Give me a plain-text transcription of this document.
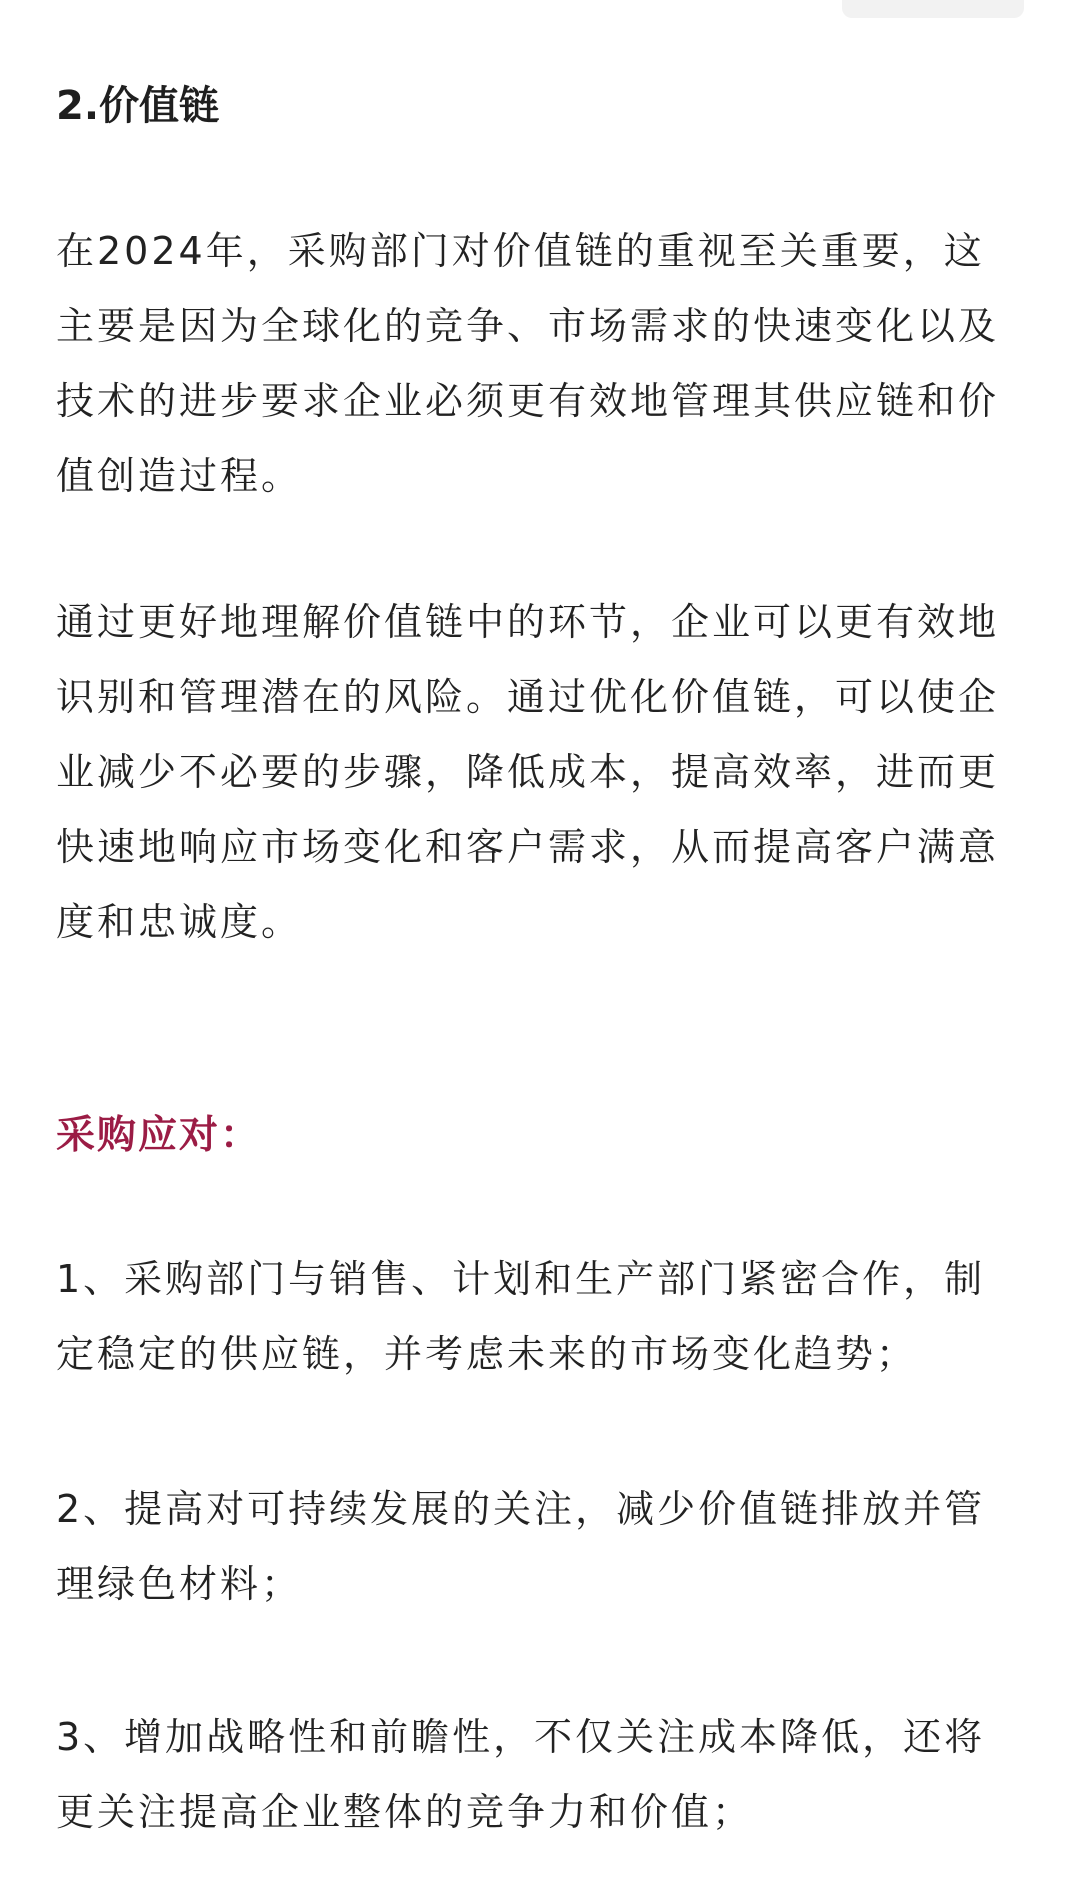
2.价值链

在2024年，采购部门对价值链的重视至关重要，这主要是因为全球化的竞争、市场需求的快速变化以及技术的进步要求企业必须更有效地管理其供应链和价值创造过程。

通过更好地理解价值链中的环节，企业可以更有效地识别和管理潜在的风险。通过优化价值链，可以使企业减少不必要的步骤，降低成本，提高效率，进而更快速地响应市场变化和客户需求，从而提高客户满意度和忠诚度。

采购应对：

1、采购部门与销售、计划和生产部门紧密合作，制定稳定的供应链，并考虑未来的市场变化趋势；

2、提高对可持续发展的关注，减少价值链排放并管理绿色材料；

3、增加战略性和前瞻性，不仅关注成本降低，还将更关注提高企业整体的竞争力和价值；
